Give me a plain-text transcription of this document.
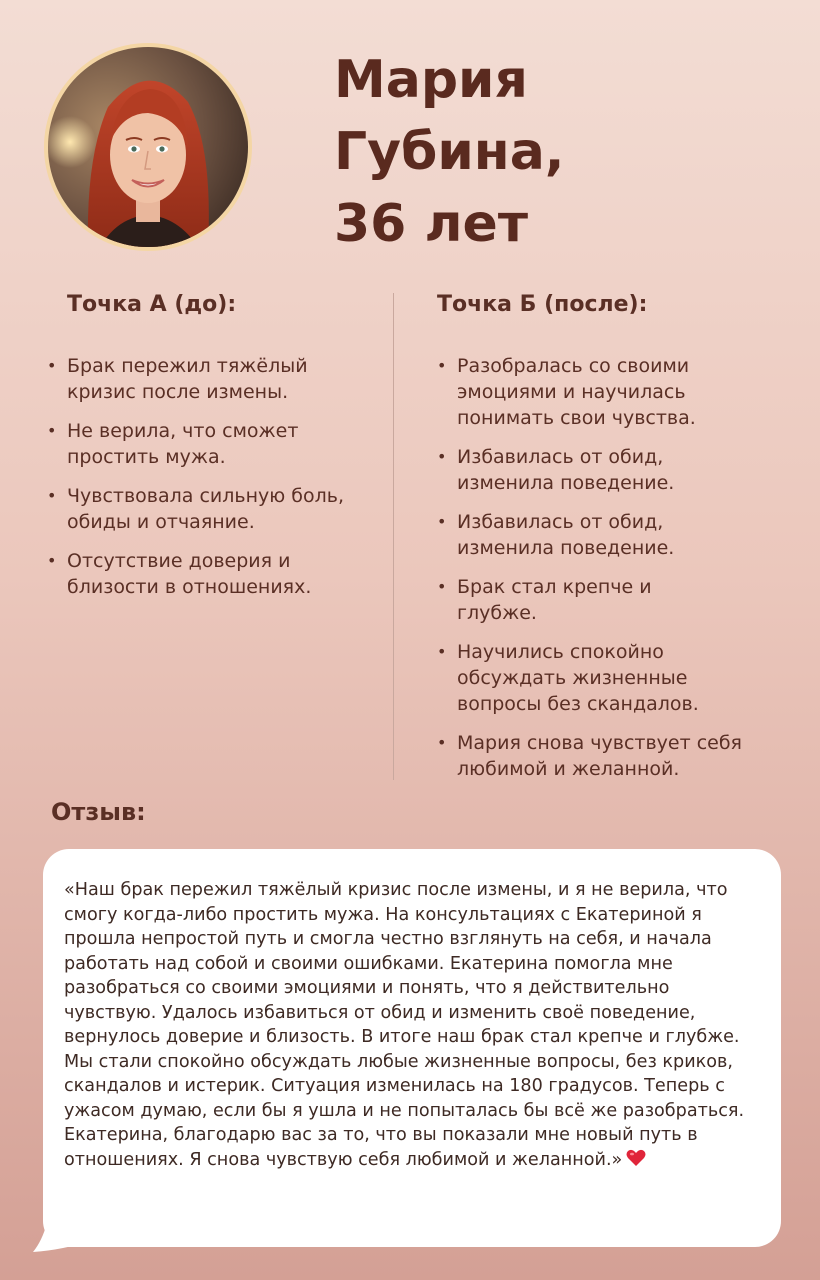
Мария
Губина,
36 лет
Точка А (до):	Точка Б (после):
• Брак пережил тяжёлый кризис после измены.
• Не верила, что сможет простить мужа.
• Чувствовала сильную боль, обиды и отчаяние.
• Отсутствие доверия и близости в отношениях.
• Разобралась со своими эмоциями и научилась понимать свои чувства.
• Избавилась от обид, изменила поведение.
• Избавилась от обид, изменила поведение.
• Брак стал крепче и глубже.
• Научились спокойно обсуждать жизненные вопросы без скандалов.
• Мария снова чувствует себя любимой и желанной.
Отзыв:
«Наш брак пережил тяжёлый кризис после измены, и я не верила, что смогу когда-либо простить мужа. На консультациях с Екатериной я прошла непростой путь и смогла честно взглянуть на себя, и начала работать над собой и своими ошибками. Екатерина помогла мне разобраться со своими эмоциями и понять, что я действительно чувствую. Удалось избавиться от обид и изменить своё поведение, вернулось доверие и близость. В итоге наш брак стал крепче и глубже. Мы стали спокойно обсуждать любые жизненные вопросы, без криков, скандалов и истерик. Ситуация изменилась на 180 градусов. Теперь с ужасом думаю, если бы я ушла и не попыталась бы всё же разобраться. Екатерина, благодарю вас за то, что вы показали мне новый путь в отношениях. Я снова чувствую себя любимой и желанной.»
